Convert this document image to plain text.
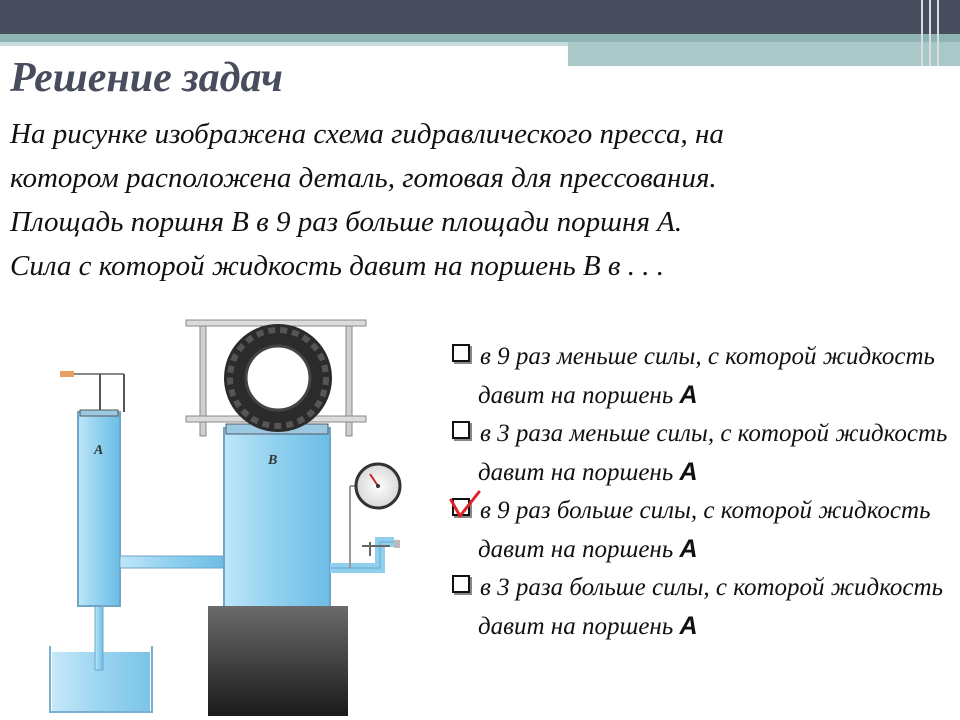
Решение задач
На рисунке изображена схема гидравлического пресса, на
котором расположена деталь, готовая для прессования.
Площадь поршня B в 9 раз больше площади поршня А.
Сила с которой жидкость давит на поршень В в . . .
A
B
в 9 раз меньше силы, с которой жидкость давит на поршень A
в 3 раза меньше силы, с которой жидкость давит на поршень A
в 9 раз больше силы, с которой жидкость давит на поршень A
в 3 раза больше силы, с которой жидкость давит на поршень A
